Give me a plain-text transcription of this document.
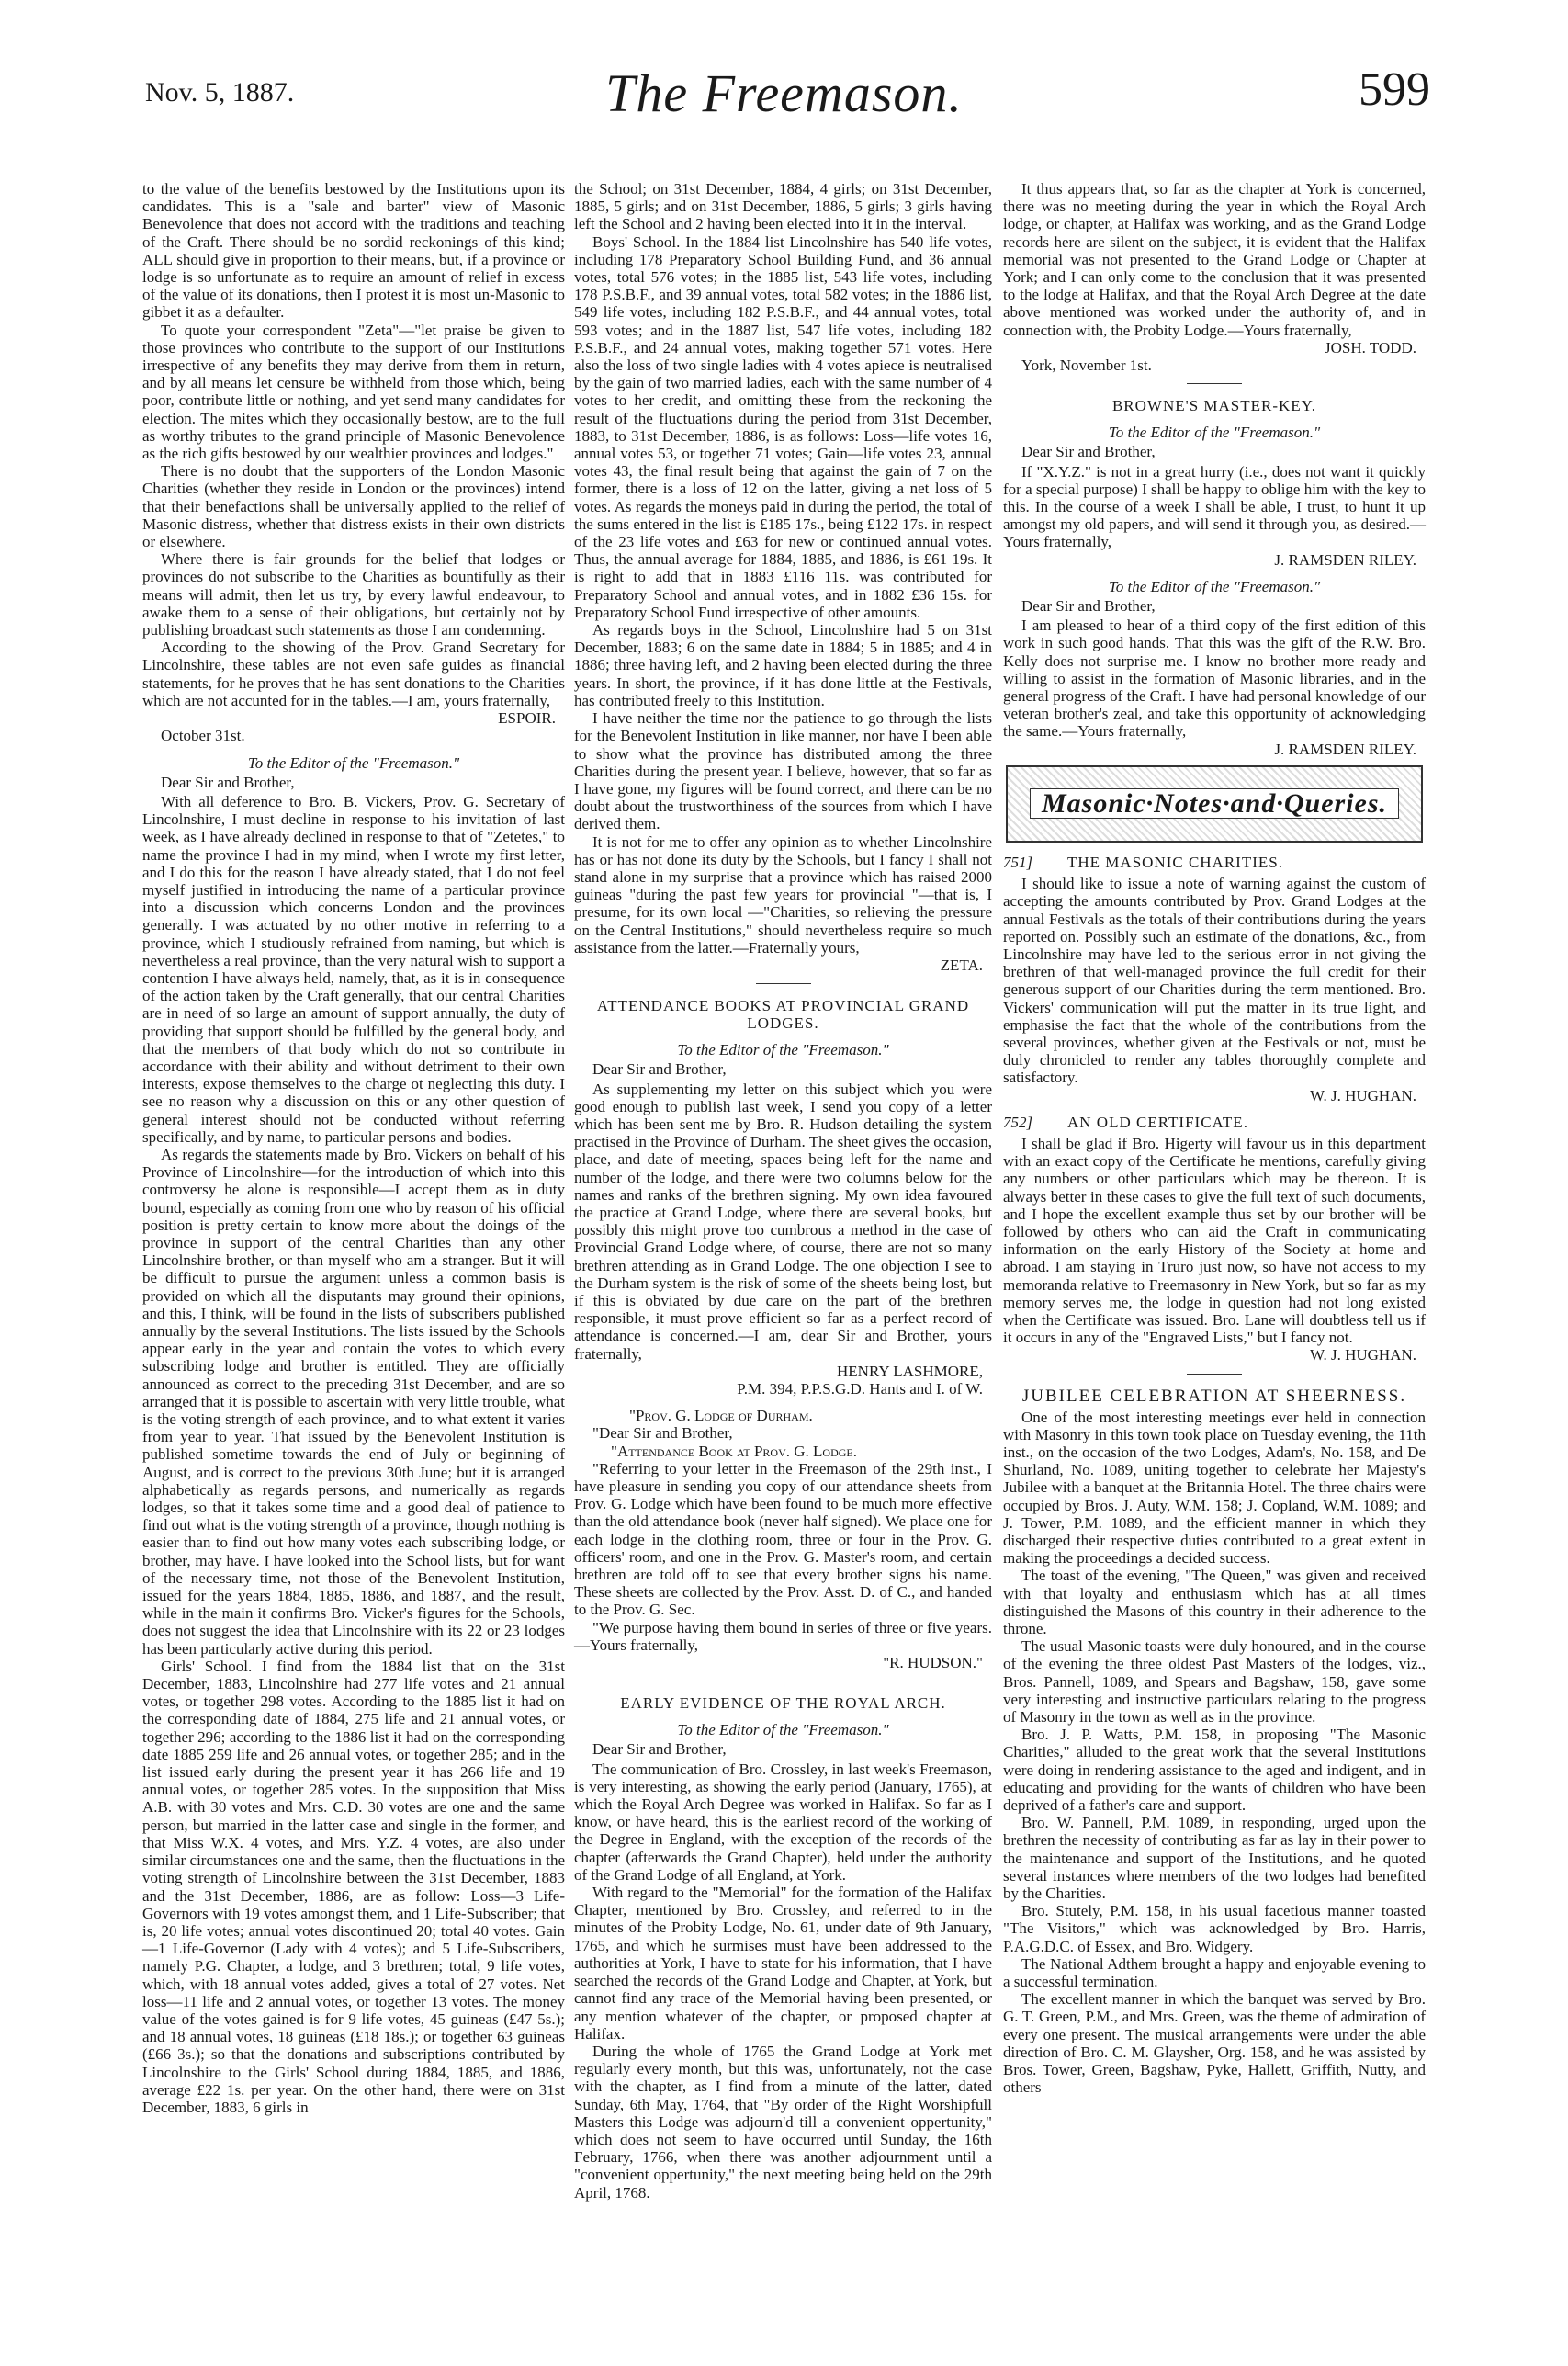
Nov. 5, 1887.	The Freemason.	599

to the value of the benefits bestowed by the Institutions upon its candidates. This is a "sale and barter" view of Masonic Benevolence that does not accord with the traditions and teaching of the Craft. There should be no sordid reckonings of this kind; ALL should give in proportion to their means, but, if a province or lodge is so unfortunate as to require an amount of relief in excess of the value of its donations, then I protest it is most un-Masonic to gibbet it as a defaulter.

To quote your correspondent "Zeta"—"let praise be given to those provinces who contribute to the support of our Institutions irrespective of any benefits they may derive from them in return, and by all means let censure be withheld from those which, being poor, contribute little or nothing, and yet send many candidates for election. The mites which they occasionally bestow, are to the full as worthy tributes to the grand principle of Masonic Benevolence as the rich gifts bestowed by our wealthier provinces and lodges."

There is no doubt that the supporters of the London Masonic Charities (whether they reside in London or the provinces) intend that their benefactions shall be universally applied to the relief of Masonic distress, whether that distress exists in their own districts or elsewhere.

Where there is fair grounds for the belief that lodges or provinces do not subscribe to the Charities as bountifully as their means will admit, then let us try, by every lawful endeavour, to awake them to a sense of their obligations, but certainly not by publishing broadcast such statements as those I am condemning.

According to the showing of the Prov. Grand Secretary for Lincolnshire, these tables are not even safe guides as financial statements, for he proves that he has sent donations to the Charities which are not accunted for in the tables.—I am, yours fraternally,

ESPOIR.
October 31st.
To the Editor of the "Freemason."
Dear Sir and Brother,

With all deference to Bro. B. Vickers, Prov. G. Secretary of Lincolnshire, I must decline in response to his invitation of last week, as I have already declined in response to that of "Zetetes," to name the province I had in my mind, when I wrote my first letter, and I do this for the reason I have already stated, that I do not feel myself justified in introducing the name of a particular province into a discussion which concerns London and the provinces generally. I was actuated by no other motive in referring to a province, which I studiously refrained from naming, but which is nevertheless a real province, than the very natural wish to support a contention I have always held, namely, that, as it is in consequence of the action taken by the Craft generally, that our central Charities are in need of so large an amount of support annually, the duty of providing that support should be fulfilled by the general body, and that the members of that body which do not so contribute in accordance with their ability and without detriment to their own interests, expose themselves to the charge ot neglecting this duty. I see no reason why a discussion on this or any other question of general interest should not be conducted without referring specifically, and by name, to particular persons and bodies.

As regards the statements made by Bro. Vickers on behalf of his Province of Lincolnshire—for the introduction of which into this controversy he alone is responsible—I accept them as in duty bound, especially as coming from one who by reason of his official position is pretty certain to know more about the doings of the province in support of the central Charities than any other Lincolnshire brother, or than myself who am a stranger. But it will be difficult to pursue the argument unless a common basis is provided on which all the disputants may ground their opinions, and this, I think, will be found in the lists of subscribers published annually by the several Institutions. The lists issued by the Schools appear early in the year and contain the votes to which every subscribing lodge and brother is entitled. They are officially announced as correct to the preceding 31st December, and are so arranged that it is possible to ascertain with very little trouble, what is the voting strength of each province, and to what extent it varies from year to year. That issued by the Benevolent Institution is published sometime towards the end of July or beginning of August, and is correct to the previous 30th June; but it is arranged alphabetically as regards persons, and numerically as regards lodges, so that it takes some time and a good deal of patience to find out what is the voting strength of a province, though nothing is easier than to find out how many votes each subscribing lodge, or brother, may have. I have looked into the School lists, but for want of the necessary time, not those of the Benevolent Institution, issued for the years 1884, 1885, 1886, and 1887, and the result, while in the main it confirms Bro. Vicker's figures for the Schools, does not suggest the idea that Lincolnshire with its 22 or 23 lodges has been particularly active during this period.

Girls' School. I find from the 1884 list that on the 31st December, 1883, Lincolnshire had 277 life votes and 21 annual votes, or together 298 votes. According to the 1885 list it had on the corresponding date of 1884, 275 life and 21 annual votes, or together 296; according to the 1886 list it had on the corresponding date 1885 259 life and 26 annual votes, or together 285; and in the list issued early during the present year it has 266 life and 19 annual votes, or together 285 votes. In the supposition that Miss A.B. with 30 votes and Mrs. C.D. 30 votes are one and the same person, but married in the latter case and single in the former, and that Miss W.X. 4 votes, and Mrs. Y.Z. 4 votes, are also under similar circumstances one and the same, then the fluctuations in the voting strength of Lincolnshire between the 31st December, 1883 and the 31st December, 1886, are as follow: Loss—3 Life-Governors with 19 votes amongst them, and 1 Life-Subscriber; that is, 20 life votes; annual votes discontinued 20; total 40 votes. Gain—1 Life-Governor (Lady with 4 votes); and 5 Life-Subscribers, namely P.G. Chapter, a lodge, and 3 brethren; total, 9 life votes, which, with 18 annual votes added, gives a total of 27 votes. Net loss—11 life and 2 annual votes, or together 13 votes. The money value of the votes gained is for 9 life votes, 45 guineas (£47 5s.); and 18 annual votes, 18 guineas (£18 18s.); or together 63 guineas (£66 3s.); so that the donations and subscriptions contributed by Lincolnshire to the Girls' School during 1884, 1885, and 1886, average £22 1s. per year. On the other hand, there were on 31st December, 1883, 6 girls in

the School; on 31st December, 1884, 4 girls; on 31st December, 1885, 5 girls; and on 31st December, 1886, 5 girls; 3 girls having left the School and 2 having been elected into it in the interval.

Boys' School. In the 1884 list Lincolnshire has 540 life votes, including 178 Preparatory School Building Fund, and 36 annual votes, total 576 votes; in the 1885 list, 543 life votes, including 178 P.S.B.F., and 39 annual votes, total 582 votes; in the 1886 list, 549 life votes, including 182 P.S.B.F., and 44 annual votes, total 593 votes; and in the 1887 list, 547 life votes, including 182 P.S.B.F., and 24 annual votes, making together 571 votes. Here also the loss of two single ladies with 4 votes apiece is neutralised by the gain of two married ladies, each with the same number of 4 votes to her credit, and omitting these from the reckoning the result of the fluctuations during the period from 31st December, 1883, to 31st December, 1886, is as follows: Loss—life votes 16, annual votes 53, or together 71 votes; Gain—life votes 23, annual votes 43, the final result being that against the gain of 7 on the former, there is a loss of 12 on the latter, giving a net loss of 5 votes. As regards the moneys paid in during the period, the total of the sums entered in the list is £185 17s., being £122 17s. in respect of the 23 life votes and £63 for new or continued annual votes. Thus, the annual average for 1884, 1885, and 1886, is £61 19s. It is right to add that in 1883 £116 11s. was contributed for Preparatory School and annual votes, and in 1882 £36 15s. for Preparatory School Fund irrespective of other amounts.

As regards boys in the School, Lincolnshire had 5 on 31st December, 1883; 6 on the same date in 1884; 5 in 1885; and 4 in 1886; three having left, and 2 having been elected during the three years. In short, the province, if it has done little at the Festivals, has contributed freely to this Institution.

I have neither the time nor the patience to go through the lists for the Benevolent Institution in like manner, nor have I been able to show what the province has distributed among the three Charities during the present year. I believe, however, that so far as I have gone, my figures will be found correct, and there can be no doubt about the trustworthiness of the sources from which I have derived them.

It is not for me to offer any opinion as to whether Lincolnshire has or has not done its duty by the Schools, but I fancy I shall not stand alone in my surprise that a province which has raised 2000 guineas "during the past few years for provincial "—that is, I presume, for its own local —"Charities, so relieving the pressure on the Central Institutions," should nevertheless require so much assistance from the latter.—Fraternally yours,

ZETA.
ATTENDANCE BOOKS AT PROVINCIAL GRAND LODGES.
To the Editor of the "Freemason."
Dear Sir and Brother,

As supplementing my letter on this subject which you were good enough to publish last week, I send you copy of a letter which has been sent me by Bro. R. Hudson detailing the system practised in the Province of Durham. The sheet gives the occasion, place, and date of meeting, spaces being left for the name and number of the lodge, and there were two columns below for the names and ranks of the brethren signing. My own idea favoured the practice at Grand Lodge, where there are several books, but possibly this might prove too cumbrous a method in the case of Provincial Grand Lodge where, of course, there are not so many brethren attending as in Grand Lodge. The one objection I see to the Durham system is the risk of some of the sheets being lost, but if this is obviated by due care on the part of the brethren responsible, it must prove efficient so far as a perfect record of attendance is concerned.—I am, dear Sir and Brother, yours fraternally,

HENRY LASHMORE,
P.M. 394, P.P.S.G.D. Hants and I. of W.
"Prov. G. Lodge of Durham.
"Dear Sir and Brother,
"Attendance Book at Prov. G. Lodge.

"Referring to your letter in the Freemason of the 29th inst., I have pleasure in sending you copy of our attendance sheets from Prov. G. Lodge which have been found to be much more effective than the old attendance book (never half signed). We place one for each lodge in the clothing room, three or four in the Prov. G. officers' room, and one in the Prov. G. Master's room, and certain brethren are told off to see that every brother signs his name. These sheets are collected by the Prov. Asst. D. of C., and handed to the Prov. G. Sec.

"We purpose having them bound in series of three or five years.—Yours fraternally,

"R. HUDSON."
EARLY EVIDENCE OF THE ROYAL ARCH.
To the Editor of the "Freemason."
Dear Sir and Brother,

The communication of Bro. Crossley, in last week's Freemason, is very interesting, as showing the early period (January, 1765), at which the Royal Arch Degree was worked in Halifax. So far as I know, or have heard, this is the earliest record of the working of the Degree in England, with the exception of the records of the chapter (afterwards the Grand Chapter), held under the authority of the Grand Lodge of all England, at York.

With regard to the "Memorial" for the formation of the Halifax Chapter, mentioned by Bro. Crossley, and referred to in the minutes of the Probity Lodge, No. 61, under date of 9th January, 1765, and which he surmises must have been addressed to the authorities at York, I have to state for his information, that I have searched the records of the Grand Lodge and Chapter, at York, but cannot find any trace of the Memorial having been presented, or any mention whatever of the chapter, or proposed chapter at Halifax.

During the whole of 1765 the Grand Lodge at York met regularly every month, but this was, unfortunately, not the case with the chapter, as I find from a minute of the latter, dated Sunday, 6th May, 1764, that "By order of the Right Worshipfull Masters this Lodge was adjourn'd till a convenient oppertunity," which does not seem to have occurred until Sunday, the 16th February, 1766, when there was another adjournment until a "convenient oppertunity," the next meeting being held on the 29th April, 1768.

It thus appears that, so far as the chapter at York is concerned, there was no meeting during the year in which the Royal Arch lodge, or chapter, at Halifax was working, and as the Grand Lodge records here are silent on the subject, it is evident that the Halifax memorial was not presented to the Grand Lodge or Chapter at York; and I can only come to the conclusion that it was presented to the lodge at Halifax, and that the Royal Arch Degree at the date above mentioned was worked under the authority of, and in connection with, the Probity Lodge.—Yours fraternally,

JOSH. TODD.
York, November 1st.
BROWNE'S MASTER-KEY.
To the Editor of the "Freemason."
Dear Sir and Brother,

If "X.Y.Z." is not in a great hurry (i.e., does not want it quickly for a special purpose) I shall be happy to oblige him with the key to this. In the course of a week I shall be able, I trust, to hunt it up amongst my old papers, and will send it through you, as desired.—Yours fraternally,

J. RAMSDEN RILEY.
To the Editor of the "Freemason."
Dear Sir and Brother,

I am pleased to hear of a third copy of the first edition of this work in such good hands. That this was the gift of the R.W. Bro. Kelly does not surprise me. I know no brother more ready and willing to assist in the formation of Masonic libraries, and in the general progress of the Craft. I have had personal knowledge of our veteran brother's zeal, and take this opportunity of acknowledging the same.—Yours fraternally,

J. RAMSDEN RILEY.
Masonic·Notes·and·Queries.
751]	THE MASONIC CHARITIES.

I should like to issue a note of warning against the custom of accepting the amounts contributed by Prov. Grand Lodges at the annual Festivals as the totals of their contributions during the years reported on. Possibly such an estimate of the donations, &c., from Lincolnshire may have led to the serious error in not giving the brethren of that well-managed province the full credit for their generous support of our Charities during the term mentioned. Bro. Vickers' communication will put the matter in its true light, and emphasise the fact that the whole of the contributions from the several provinces, whether given at the Festivals or not, must be duly chronicled to render any tables thoroughly complete and satisfactory.

W. J. HUGHAN.
752]	AN OLD CERTIFICATE.

I shall be glad if Bro. Higerty will favour us in this department with an exact copy of the Certificate he mentions, carefully giving any numbers or other particulars which may be thereon. It is always better in these cases to give the full text of such documents, and I hope the excellent example thus set by our brother will be followed by others who can aid the Craft in communicating information on the early History of the Society at home and abroad. I am staying in Truro just now, so have not access to my memoranda relative to Freemasonry in New York, but so far as my memory serves me, the lodge in question had not long existed when the Certificate was issued. Bro. Lane will doubtless tell us if it occurs in any of the "Engraved Lists," but I fancy not.

W. J. HUGHAN.
JUBILEE CELEBRATION AT SHEERNESS.

One of the most interesting meetings ever held in connection with Masonry in this town took place on Tuesday evening, the 11th inst., on the occasion of the two Lodges, Adam's, No. 158, and De Shurland, No. 1089, uniting together to celebrate her Majesty's Jubilee with a banquet at the Britannia Hotel. The three chairs were occupied by Bros. J. Auty, W.M. 158; J. Copland, W.M. 1089; and J. Tower, P.M. 1089, and the efficient manner in which they discharged their respective duties contributed to a great extent in making the proceedings a decided success.

The toast of the evening, "The Queen," was given and received with that loyalty and enthusiasm which has at all times distinguished the Masons of this country in their adherence to the throne.

The usual Masonic toasts were duly honoured, and in the course of the evening the three oldest Past Masters of the lodges, viz., Bros. Pannell, 1089, and Spears and Bagshaw, 158, gave some very interesting and instructive particulars relating to the progress of Masonry in the town as well as in the province.

Bro. J. P. Watts, P.M. 158, in proposing "The Masonic Charities," alluded to the great work that the several Institutions were doing in rendering assistance to the aged and indigent, and in educating and providing for the wants of children who have been deprived of a father's care and support.

Bro. W. Pannell, P.M. 1089, in responding, urged upon the brethren the necessity of contributing as far as lay in their power to the maintenance and support of the Institutions, and he quoted several instances where members of the two lodges had benefited by the Charities.

Bro. Stutely, P.M. 158, in his usual facetious manner toasted "The Visitors," which was acknowledged by Bro. Harris, P.A.G.D.C. of Essex, and Bro. Widgery.

The National Adthem brought a happy and enjoyable evening to a successful termination.

The excellent manner in which the banquet was served by Bro. G. T. Green, P.M., and Mrs. Green, was the theme of admiration of every one present. The musical arrangements were under the able direction of Bro. C. M. Glaysher, Org. 158, and he was assisted by Bros. Tower, Green, Bagshaw, Pyke, Hallett, Griffith, Nutty, and others
